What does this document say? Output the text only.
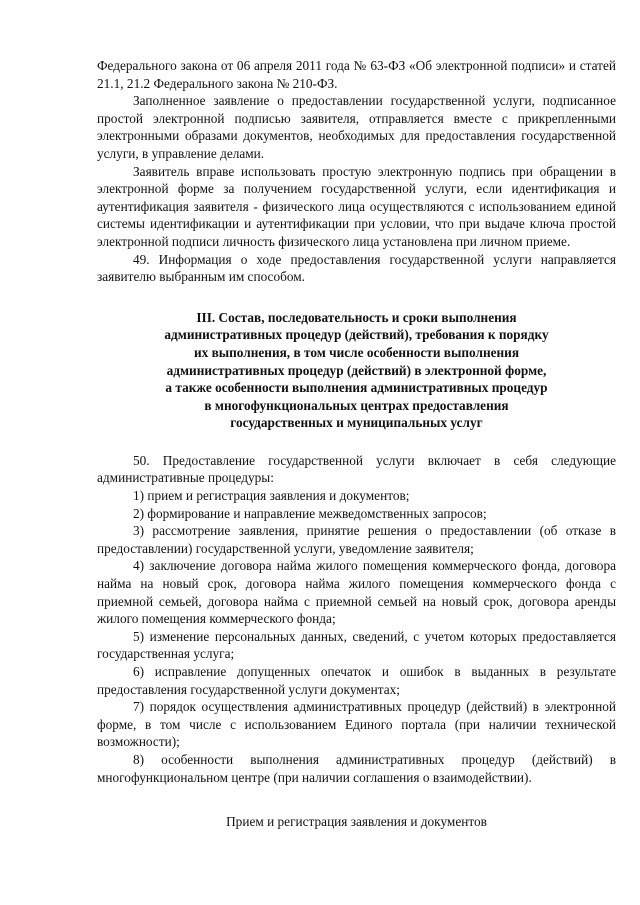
Федерального закона от 06 апреля 2011 года № 63-ФЗ «Об электронной подписи» и статей 21.1, 21.2 Федерального закона № 210-ФЗ.

Заполненное заявление о предоставлении государственной услуги, подписанное простой электронной подписью заявителя, отправляется вместе с прикрепленными электронными образами документов, необходимых для предоставления государственной услуги, в управление делами.

Заявитель вправе использовать простую электронную подпись при обращении в электронной форме за получением государственной услуги, если идентификация и аутентификация заявителя - физического лица осуществляются с использованием единой системы идентификации и аутентификации при условии, что при выдаче ключа простой электронной подписи личность физического лица установлена при личном приеме.

49. Информация о ходе предоставления государственной услуги направляется заявителю выбранным им способом.

III. Состав, последовательность и сроки выполнения
административных процедур (действий), требования к порядку
их выполнения, в том числе особенности выполнения
административных процедур (действий) в электронной форме,
а также особенности выполнения административных процедур
в многофункциональных центрах предоставления
государственных и муниципальных услуг

50. Предоставление государственной услуги включает в себя следующие административные процедуры:

1) прием и регистрация заявления и документов;

2) формирование и направление межведомственных запросов;

3) рассмотрение заявления, принятие решения о предоставлении (об отказе в предоставлении) государственной услуги, уведомление заявителя;

4) заключение договора найма жилого помещения коммерческого фонда, договора найма на новый срок, договора найма жилого помещения коммерческого фонда с приемной семьей, договора найма с приемной семьей на новый срок, договора аренды жилого помещения коммерческого фонда;

5) изменение персональных данных, сведений, с учетом которых предоставляется государственная услуга;

6) исправление допущенных опечаток и ошибок в выданных в результате предоставления государственной услуги документах;

7) порядок осуществления административных процедур (действий) в электронной форме, в том числе с использованием Единого портала (при наличии технической возможности);

8) особенности выполнения административных процедур (действий) в многофункциональном центре (при наличии соглашения о взаимодействии).

Прием и регистрация заявления и документов
